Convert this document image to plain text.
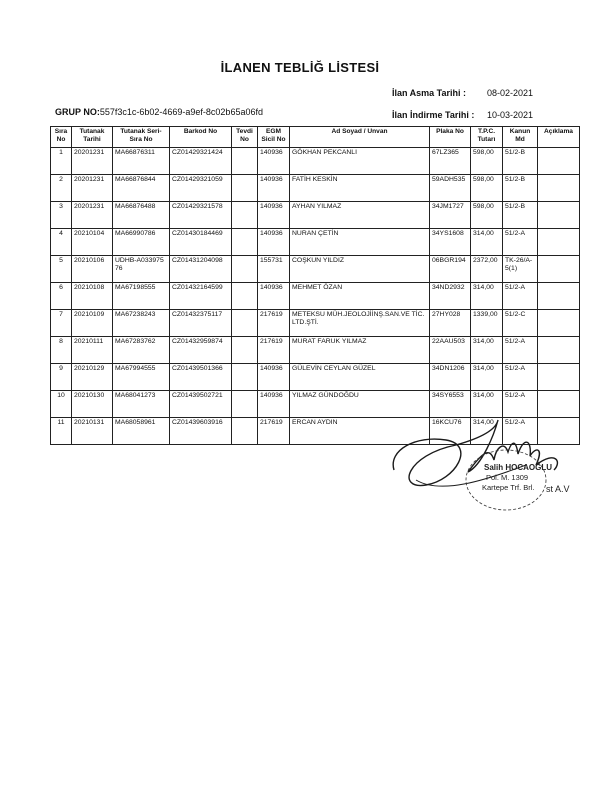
İLANEN TEBLİĞ LİSTESİ
İlan Asma Tarihi : 08-02-2021
İlan İndirme Tarihi : 10-03-2021
GRUP NO:557f3c1c-6b02-4669-a9ef-8c02b65a06fd
Sıra No	Tutanak Tarihi	Tutanak Seri-Sıra No	Barkod No	Tevdi No	EGM Sicil No	Ad Soyad / Unvan	Plaka No	T.P.C. Tutarı	Kanun Md	Açıklama
1	20201231	MA66876311	CZ01429321424		140936	GÖKHAN PEKCANLI	67LZ365	598,00	51/2-B	
2	20201231	MA66876844	CZ01429321059		140936	FATİH KESKİN	59ADH535	598,00	51/2-B	
3	20201231	MA66876488	CZ01429321578		140936	AYHAN YILMAZ	34JM1727	598,00	51/2-B	
4	20210104	MA66990786	CZ01430184469		140936	NURAN ÇETİN	34YS1608	314,00	51/2-A	
5	20210106	UDHB-A03397576	CZ01431204098		155731	COŞKUN YILDIZ	06BGR194	2372,00	TK-26/A-5(1)	
6	20210108	MA67198555	CZ01432164599		140936	MEHMET ÖZAN	34ND2932	314,00	51/2-A	
7	20210109	MA67238243	CZ01432375117		217619	METEKSU MÜH.JEOLOJİİNŞ.SAN.VE TİC.LTD.ŞTİ.	27HY028	1339,00	51/2-C	
8	20210111	MA67283762	CZ01432959874		217619	MURAT FARUK YILMAZ	22AAU503	314,00	51/2-A	
9	20210129	MA67994555	CZ01439501366		140936	GÜLEVİN CEYLAN GÜZEL	34DN1206	314,00	51/2-A	
10	20210130	MA68041273	CZ01439502721		140936	YILMAZ GÜNDOĞDU	34SY6553	314,00	51/2-A	
11	20210131	MA68058961	CZ01439603916		217619	ERCAN AYDIN	16KCU76	314,00	51/2-A	
Salih HOCAOĞLU
Pol. M. 1309
Kartepe Trf. Brl. st A.V
